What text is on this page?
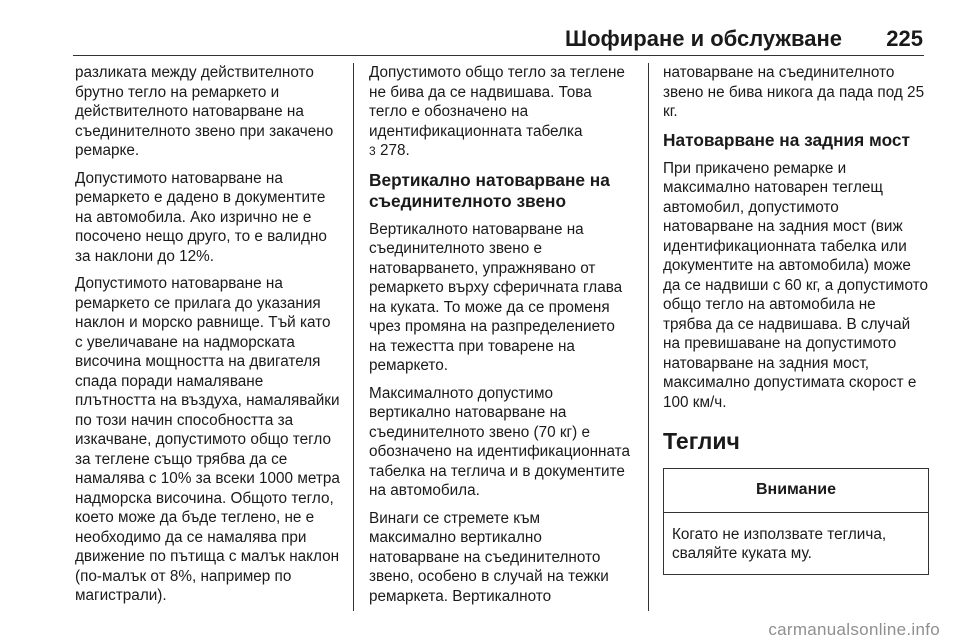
Шофиране и обслужване 225

разликата между действителното брутно тегло на ремаркето и действителното натоварване на съединителното звено при закачено ремарке.

Допустимото натоварване на ремаркето е дадено в документите на автомобила. Ако изрично не е посочено нещо друго, то е валидно за наклони до 12%.

Допустимото натоварване на ремаркето се прилага до указания наклон и морско равнище. Тъй като с увеличаване на надморската височина мощността на двигателя спада поради намаляване плътността на въздуха, намалявайки по този начин способността за изкачване, допустимото общо тегло за теглене също трябва да се намалява с 10% за всеки 1000 метра надморска височина. Общото тегло, което може да бъде теглено, не е необходимо да се намалява при движение по пътища с малък наклон (по-малък от 8%, например по магистрали).

Допустимото общо тегло за теглене не бива да се надвишава. Това тегло е обозначено на идентификационната табелка
3 278.

Вертикално натоварване на съединителното звено

Вертикалното натоварване на съединителното звено е натоварването, упражнявано от ремаркето върху сферичната глава на куката. То може да се променя чрез промяна на разпределението на тежестта при товарене на ремаркето.

Максималното допустимо вертикално натоварване на съединителното звено (70 кг) е обозначено на идентификационната табелка на теглича и в документите на автомобила.

Винаги се стремете към максимално вертикално натоварване на съединителното звено, особено в случай на тежки ремаркета. Вертикалното

натоварване на съединителното звено не бива никога да пада под 25 кг.

Натоварване на задния мост

При прикачено ремарке и максимално натоварен теглещ автомобил, допустимото натоварване на задния мост (виж идентификационната табелка или документите на автомобила) може да се надвиши с 60 кг, а допустимото общо тегло на автомобила не трябва да се надвишава. В случай на превишаване на допустимото натоварване на задния мост, максимално допустимата скорост е 100 км/ч.

Теглич
Внимание
Когато не използвате теглича, сваляйте куката му.
carmanualsonline.info
